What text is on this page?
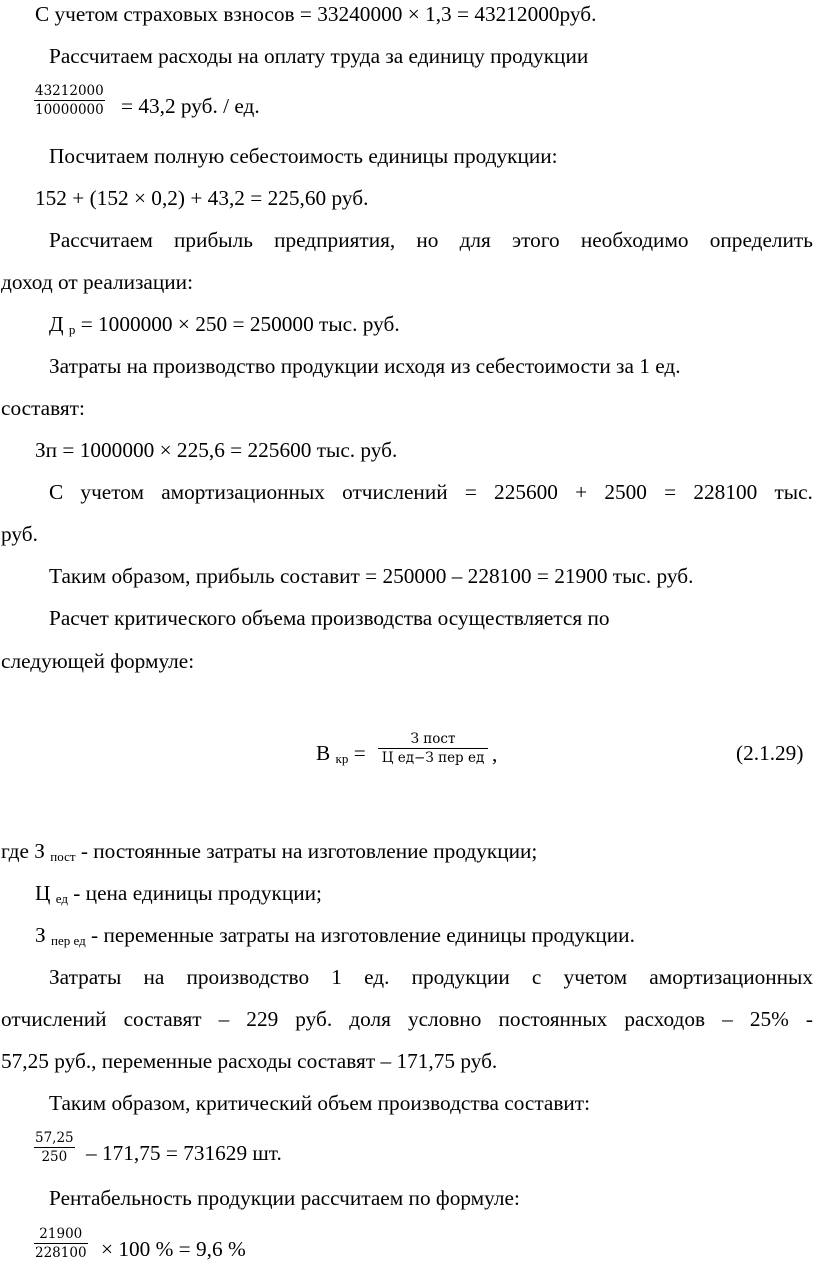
С учетом страховых взносов = 33240000 × 1,3 = 43212000руб.
Рассчитаем расходы на оплату труда за единицу продукции
43212000
10000000 = 43,2 руб. / ед.
Посчитаем полную себестоимость единицы продукции:
152 + (152 × 0,2) + 43,2 = 225,60 руб.
Рассчитаем прибыль предприятия, но для этого необходимо определить
доход от реализации:
Д р = 1000000 × 250 = 250000 тыс. руб.
Затраты на производство продукции исходя из себестоимости за 1 ед.
составят:
Зп = 1000000 × 225,6 = 225600 тыс. руб.
С учетом амортизационных отчислений = 225600 + 2500 = 228100 тыс.
руб.
Таким образом, прибыль составит = 250000 – 228100 = 21900 тыс. руб.
Расчет критического объема производства осуществляется по
следующей формуле:
В кр =
З пост
Ц ед−З пер ед ,	(2.1.29)
где З пост - постоянные затраты на изготовление продукции;
Ц ед - цена единицы продукции;
З пер ед - переменные затраты на изготовление единицы продукции.
Затраты на производство 1 ед. продукции с учетом амортизационных
отчислений составят – 229 руб. доля условно постоянных расходов – 25% -
57,25 руб., переменные расходы составят – 171,75 руб.
Таким образом, критический объем производства составит:
57,25
250 – 171,75 = 731629 шт.
Рентабельность продукции рассчитаем по формуле:
21900
228100 × 100 % = 9,6 %
